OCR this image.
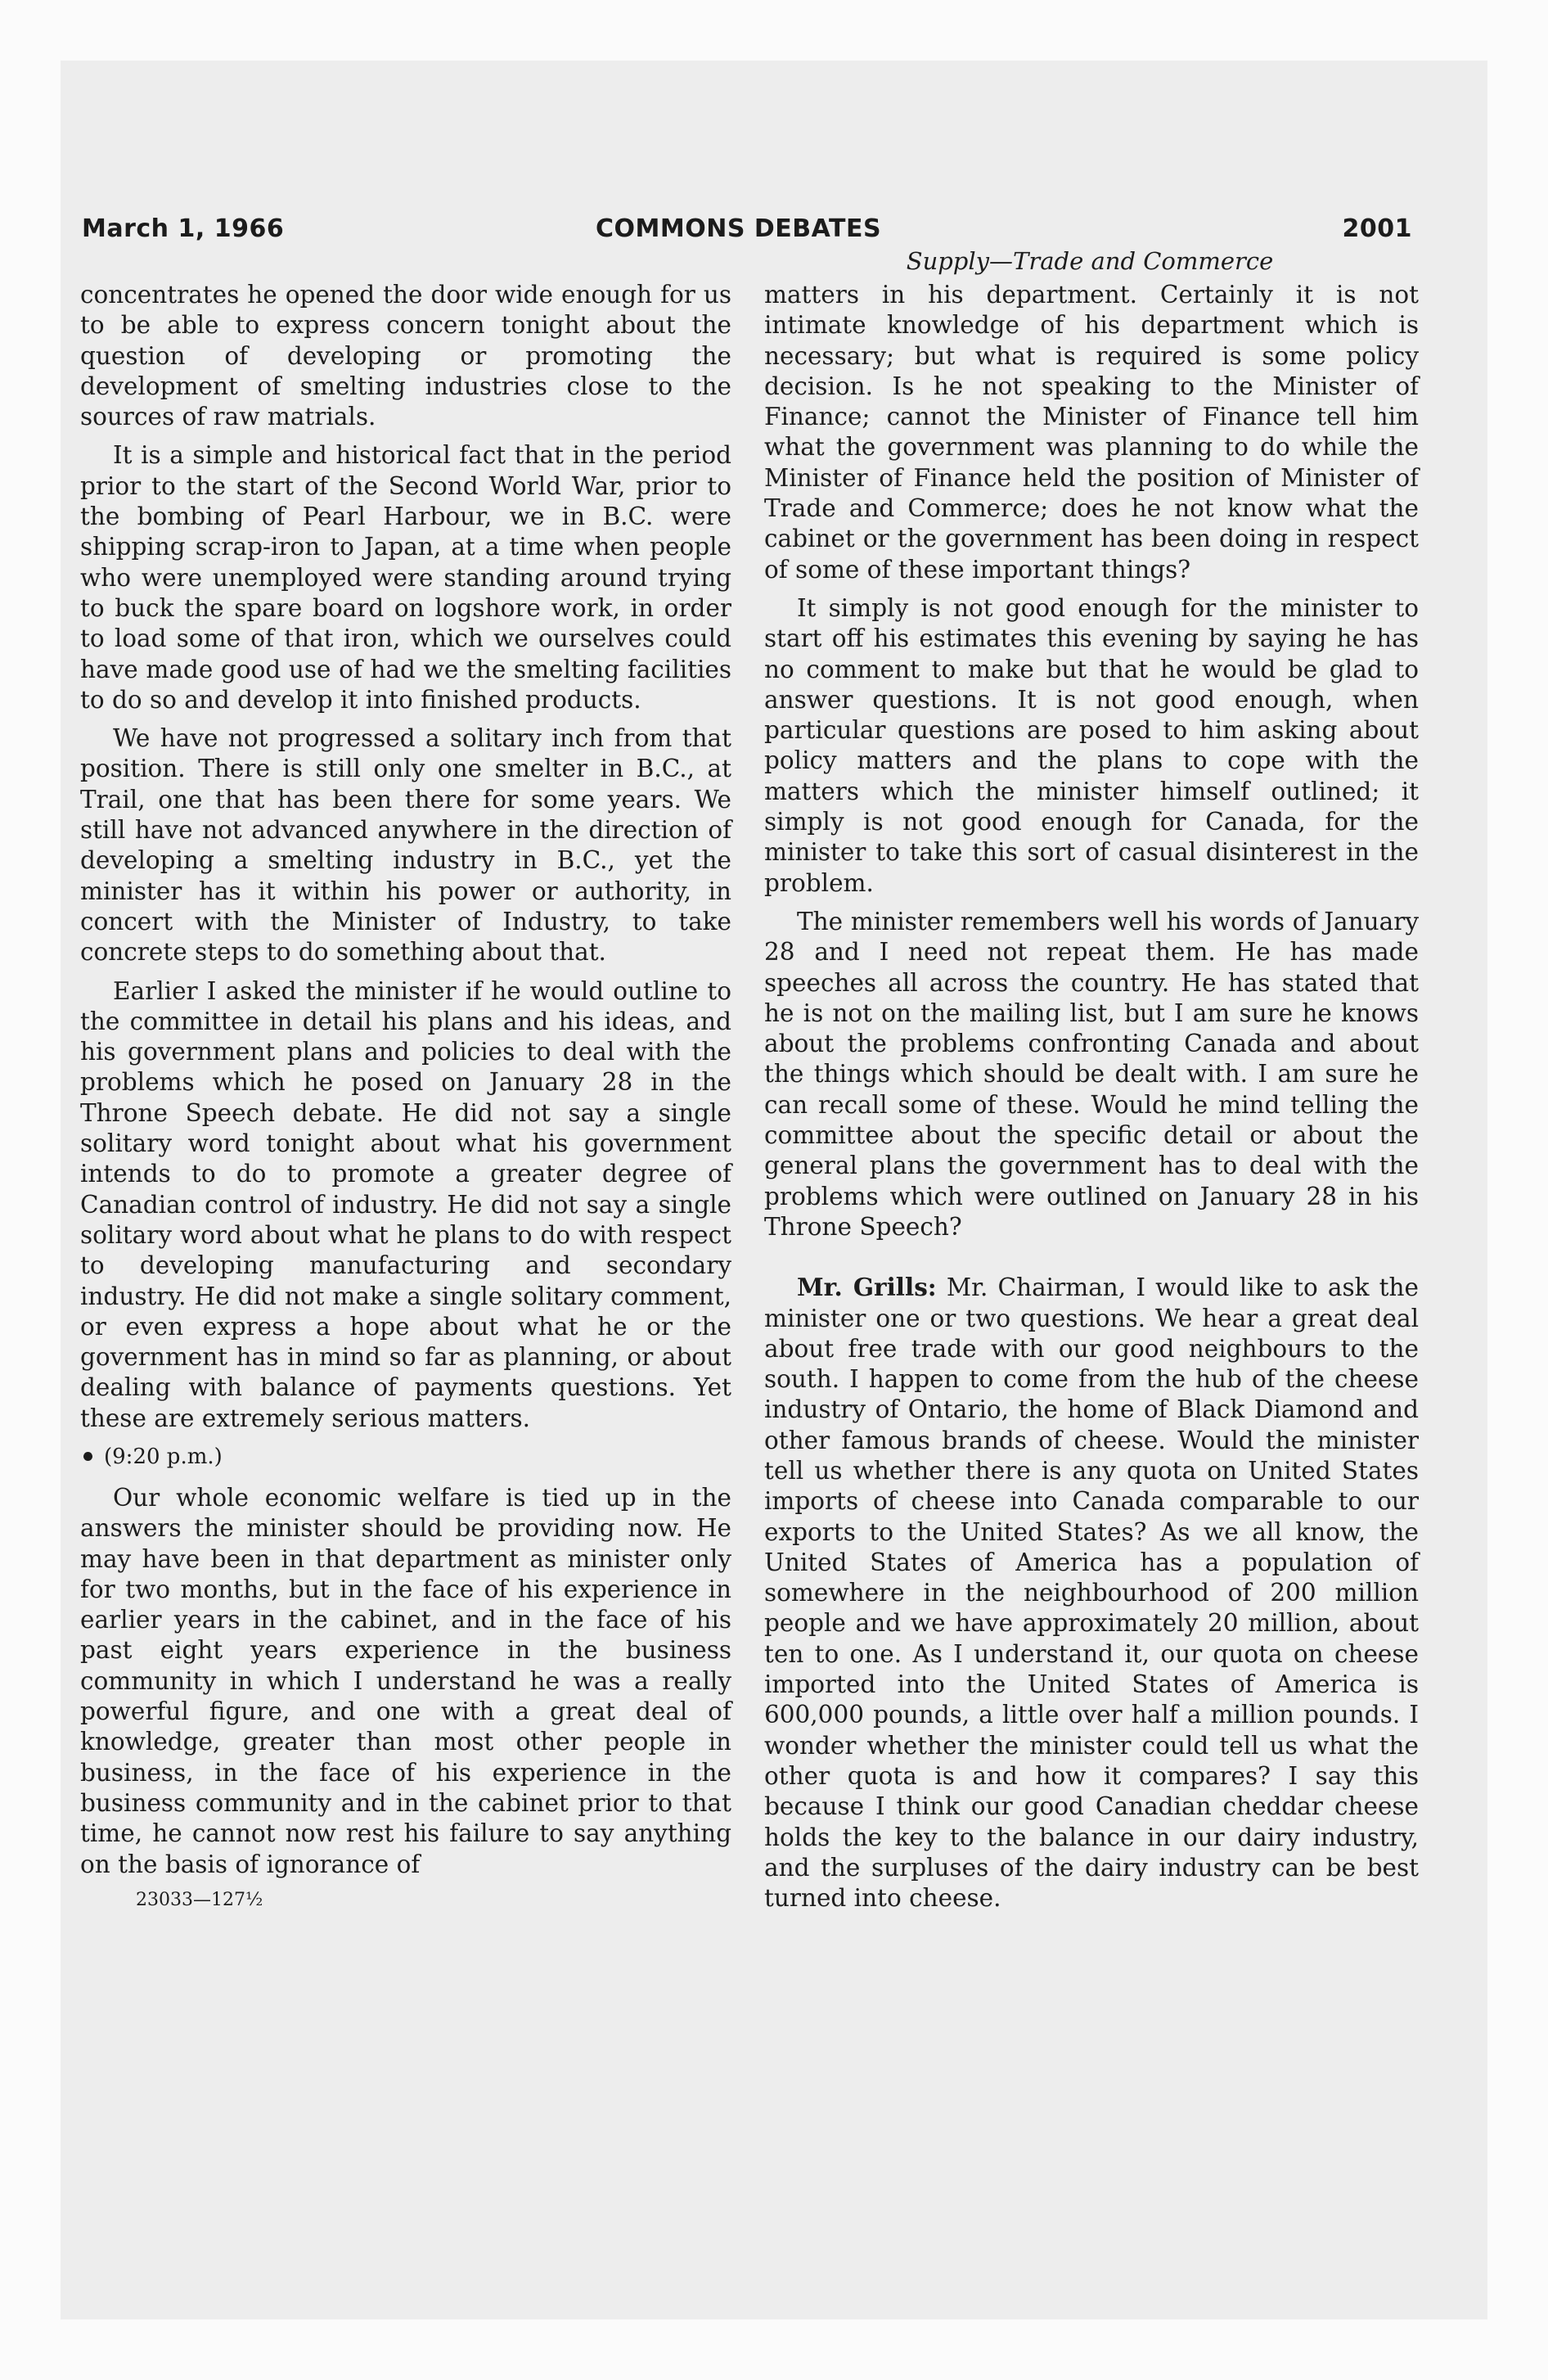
March 1, 1966	COMMONS DEBATES	2001
Supply—Trade and Commerce

concentrates he opened the door wide enough for us to be able to express concern tonight about the question of developing or promoting the development of smelting industries close to the sources of raw matrials.

It is a simple and historical fact that in the period prior to the start of the Second World War, prior to the bombing of Pearl Harbour, we in B.C. were shipping scrap-iron to Japan, at a time when people who were unemployed were standing around trying to buck the spare board on logshore work, in order to load some of that iron, which we ourselves could have made good use of had we the smelting facilities to do so and develop it into finished products.

We have not progressed a solitary inch from that position. There is still only one smelter in B.C., at Trail, one that has been there for some years. We still have not advanced anywhere in the direction of developing a smelting industry in B.C., yet the minister has it within his power or authority, in concert with the Minister of Industry, to take concrete steps to do something about that.

Earlier I asked the minister if he would outline to the committee in detail his plans and his ideas, and his government plans and policies to deal with the problems which he posed on January 28 in the Throne Speech debate. He did not say a single solitary word tonight about what his government intends to do to promote a greater degree of Canadian control of industry. He did not say a single solitary word about what he plans to do with respect to developing manufacturing and secondary industry. He did not make a single solitary comment, or even express a hope about what he or the government has in mind so far as planning, or about dealing with balance of payments questions. Yet these are extremely serious matters.

(9:20 p.m.)

Our whole economic welfare is tied up in the answers the minister should be providing now. He may have been in that department as minister only for two months, but in the face of his experience in earlier years in the cabinet, and in the face of his past eight years experience in the business community in which I understand he was a really powerful figure, and one with a great deal of knowledge, greater than most other people in business, in the face of his experience in the business community and in the cabinet prior to that time, he cannot now rest his failure to say anything on the basis of ignorance of

23033—127½

matters in his department. Certainly it is not intimate knowledge of his department which is necessary; but what is required is some policy decision. Is he not speaking to the Minister of Finance; cannot the Minister of Finance tell him what the government was planning to do while the Minister of Finance held the position of Minister of Trade and Commerce; does he not know what the cabinet or the government has been doing in respect of some of these important things?

It simply is not good enough for the minister to start off his estimates this evening by saying he has no comment to make but that he would be glad to answer questions. It is not good enough, when particular questions are posed to him asking about policy matters and the plans to cope with the matters which the minister himself outlined; it simply is not good enough for Canada, for the minister to take this sort of casual disinterest in the problem.

The minister remembers well his words of January 28 and I need not repeat them. He has made speeches all across the country. He has stated that he is not on the mailing list, but I am sure he knows about the problems confronting Canada and about the things which should be dealt with. I am sure he can recall some of these. Would he mind telling the committee about the specific detail or about the general plans the government has to deal with the problems which were outlined on January 28 in his Throne Speech?

Mr. Grills: Mr. Chairman, I would like to ask the minister one or two questions. We hear a great deal about free trade with our good neighbours to the south. I happen to come from the hub of the cheese industry of Ontario, the home of Black Diamond and other famous brands of cheese. Would the minister tell us whether there is any quota on United States imports of cheese into Canada comparable to our exports to the United States? As we all know, the United States of America has a population of somewhere in the neighbourhood of 200 million people and we have approximately 20 million, about ten to one. As I understand it, our quota on cheese imported into the United States of America is 600,000 pounds, a little over half a million pounds. I wonder whether the minister could tell us what the other quota is and how it compares? I say this because I think our good Canadian cheddar cheese holds the key to the balance in our dairy industry, and the surpluses of the dairy industry can be best turned into cheese.
